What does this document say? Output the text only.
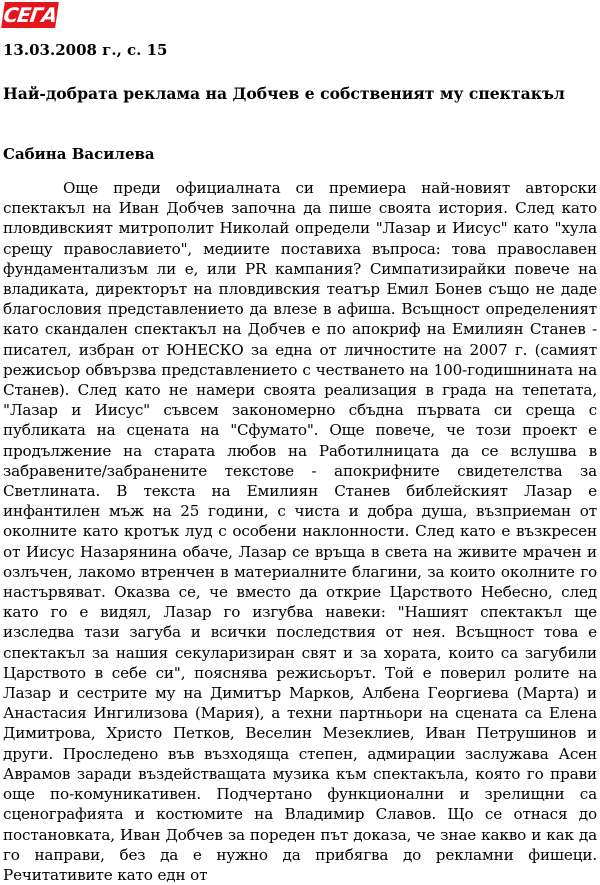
СЕГА
13.03.2008 г., с. 15
Най-добрата реклама на Добчев е собственият му спектакъл
Сабина Василева

Още преди официалната си премиера най-новият авторски спектакъл на Иван Добчев започна да пише своята история. След като пловдивският митрополит Николай определи "Лазар и Иисус" като "хула срещу православието", медиите поставиха въпроса: това православен фундаментализъм ли е, или PR кампания? Симпатизирайки повече на владиката, директорът на пловдивския театър Емил Бонев също не даде благословия представлението да влезе в афиша. Всъщност определеният като скандален спектакъл на Добчев е по апокриф на Емилиян Станев - писател, избран от ЮНЕСКО за една от личностите на 2007 г. (самият режисьор обвързва представлението с честването на 100-годишнината на Станев). След като не намери своята реализация в града на тепетата, "Лазар и Иисус" съвсем закономерно сбъдна първата си среща с публиката на сцената на "Сфумато". Още повече, че този проект е продължение на старата любов на Работилницата да се вслушва в забравените/забранените текстове - апокрифните свидетелства за Светлината. В текста на Емилиян Станев библейският Лазар е инфантилен мъж на 25 години, с чиста и добра душа, възприеман от околните като кротък луд с особени наклонности. След като е възкресен от Иисус Назарянина обаче, Лазар се връща в света на живите мрачен и озлъчен, лакомо втренчен в материалните благини, за които околните го настървяват. Оказва се, че вместо да открие Царството Небесно, след като го е видял, Лазар го изгубва навеки: "Нашият спектакъл ще изследва тази загуба и всички последствия от нея. Всъщност това е спектакъл за нашия секуларизиран свят и за хората, които са загубили Царството в себе си", пояснява режисьорът. Той е поверил ролите на Лазар и сестрите му на Димитър Марков, Албена Георгиева (Марта) и Анастасия Ингилизова (Мария), а техни партньори на сцената са Елена Димитрова, Христо Петков, Веселин Мезеклиев, Иван Петрушинов и други. Проследено във възходяща степен, адмирации заслужава Асен Аврамов заради въздействащата музика към спектакъла, която го прави още по-комуникативен. Подчертано функционални и зрелищни са сценографията и костюмите на Владимир Славов. Що се отнася до постановката, Иван Добчев за пореден път доказа, че знае какво и как да го направи, без да е нужно да прибягва до рекламни фишеци. Речитативите като едн от
